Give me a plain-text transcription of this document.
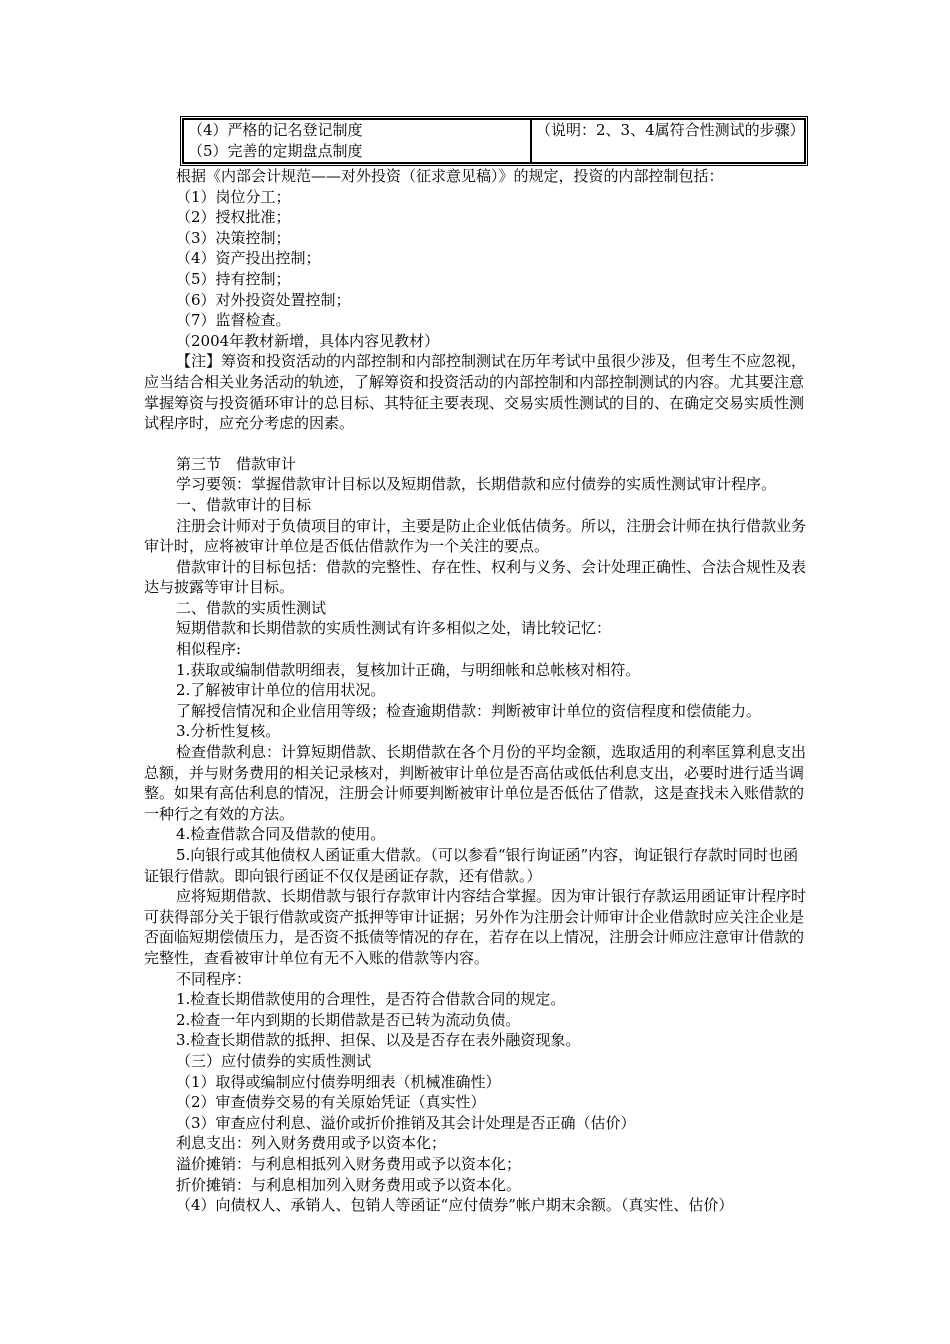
（4）严格的记名登记制度
（5）完善的定期盘点制度
	（说明：2、3、4属符合性测试的步骤）

根据《内部会计规范——对外投资（征求意见稿）》的规定，投资的内部控制包括：

（1）岗位分工；

（2）授权批准；

（3）决策控制；

（4）资产投出控制；

（5）持有控制；

（6）对外投资处置控制；

（7）监督检查。

（2004年教材新增，具体内容见教材）

【注】筹资和投资活动的内部控制和内部控制测试在历年考试中虽很少涉及，但考生不应忽视，应当结合相关业务活动的轨迹，了解筹资和投资活动的内部控制和内部控制测试的内容。尤其要注意掌握筹资与投资循环审计的总目标、其特征主要表现、交易实质性测试的目的、在确定交易实质性测试程序时，应充分考虑的因素。

第三节　借款审计

学习要领：掌握借款审计目标以及短期借款，长期借款和应付债券的实质性测试审计程序。

一、借款审计的目标

注册会计师对于负债项目的审计，主要是防止企业低估债务。所以，注册会计师在执行借款业务审计时，应将被审计单位是否低估借款作为一个关注的要点。

借款审计的目标包括：借款的完整性、存在性、权利与义务、会计处理正确性、合法合规性及表达与披露等审计目标。

二、借款的实质性测试

短期借款和长期借款的实质性测试有许多相似之处，请比较记忆：

相似程序:

1.获取或编制借款明细表，复核加计正确，与明细帐和总帐核对相符。

2.了解被审计单位的信用状况。

了解授信情况和企业信用等级；检查逾期借款：判断被审计单位的资信程度和偿债能力。

3.分析性复核。

检查借款利息：计算短期借款、长期借款在各个月份的平均金额，选取适用的利率匡算利息支出总额，并与财务费用的相关记录核对，判断被审计单位是否高估或低估利息支出，必要时进行适当调整。如果有高估利息的情况，注册会计师要判断被审计单位是否低估了借款，这是查找未入账借款的一种行之有效的方法。

4.检查借款合同及借款的使用。

5.向银行或其他债权人函证重大借款。（可以参看“银行询证函”内容，询证银行存款时同时也函证银行借款。即向银行函证不仅仅是函证存款，还有借款。）

应将短期借款、长期借款与银行存款审计内容结合掌握。因为审计银行存款运用函证审计程序时可获得部分关于银行借款或资产抵押等审计证据；另外作为注册会计师审计企业借款时应关注企业是否面临短期偿债压力，是否资不抵债等情况的存在，若存在以上情况，注册会计师应注意审计借款的完整性，查看被审计单位有无不入账的借款等内容。

不同程序：

1.检查长期借款使用的合理性，是否符合借款合同的规定。

2.检查一年内到期的长期借款是否已转为流动负债。

3.检查长期借款的抵押、担保、以及是否存在表外融资现象。

（三）应付债券的实质性测试

（1）取得或编制应付债券明细表（机械准确性）

（2）审查债券交易的有关原始凭证（真实性）

（3）审查应付利息、溢价或折价推销及其会计处理是否正确（估价）

利息支出：列入财务费用或予以资本化；

溢价摊销：与利息相抵列入财务费用或予以资本化；

折价摊销：与利息相加列入财务费用或予以资本化。

（4）向债权人、承销人、包销人等函证“应付债券”帐户期末余额。（真实性、估价）
